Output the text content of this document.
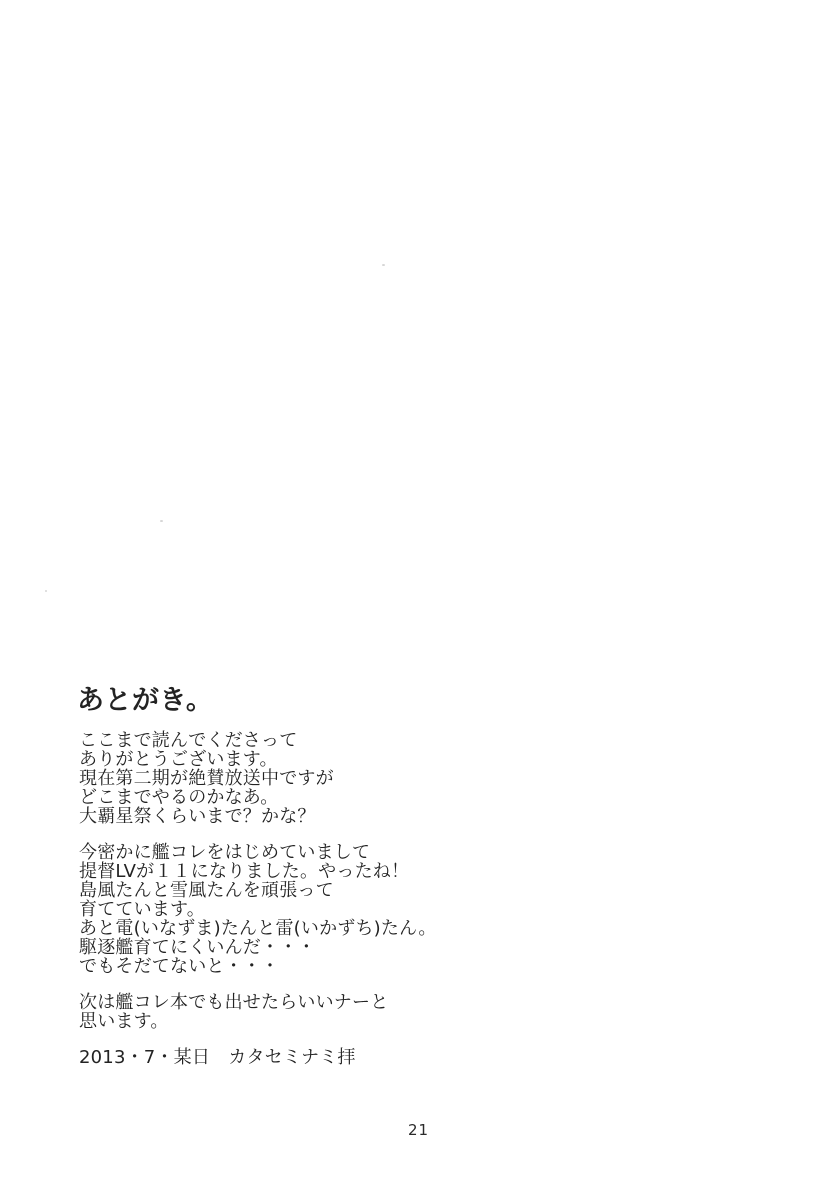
あとがき。

ここまで読んでくださって
ありがとうございます。
現在第二期が絶賛放送中ですが
どこまでやるのかなあ。
大覇星祭くらいまで？かな？

今密かに艦コレをはじめていまして
提督LVが１１になりました。やったね！
島風たんと雪風たんを頑張って
育てています。
あと電(いなずま)たんと雷(いかずち)たん。
駆逐艦育てにくいんだ・・・
でもそだてないと・・・

次は艦コレ本でも出せたらいいナーと
思います。

2013・7・某日　カタセミナミ拝

21
